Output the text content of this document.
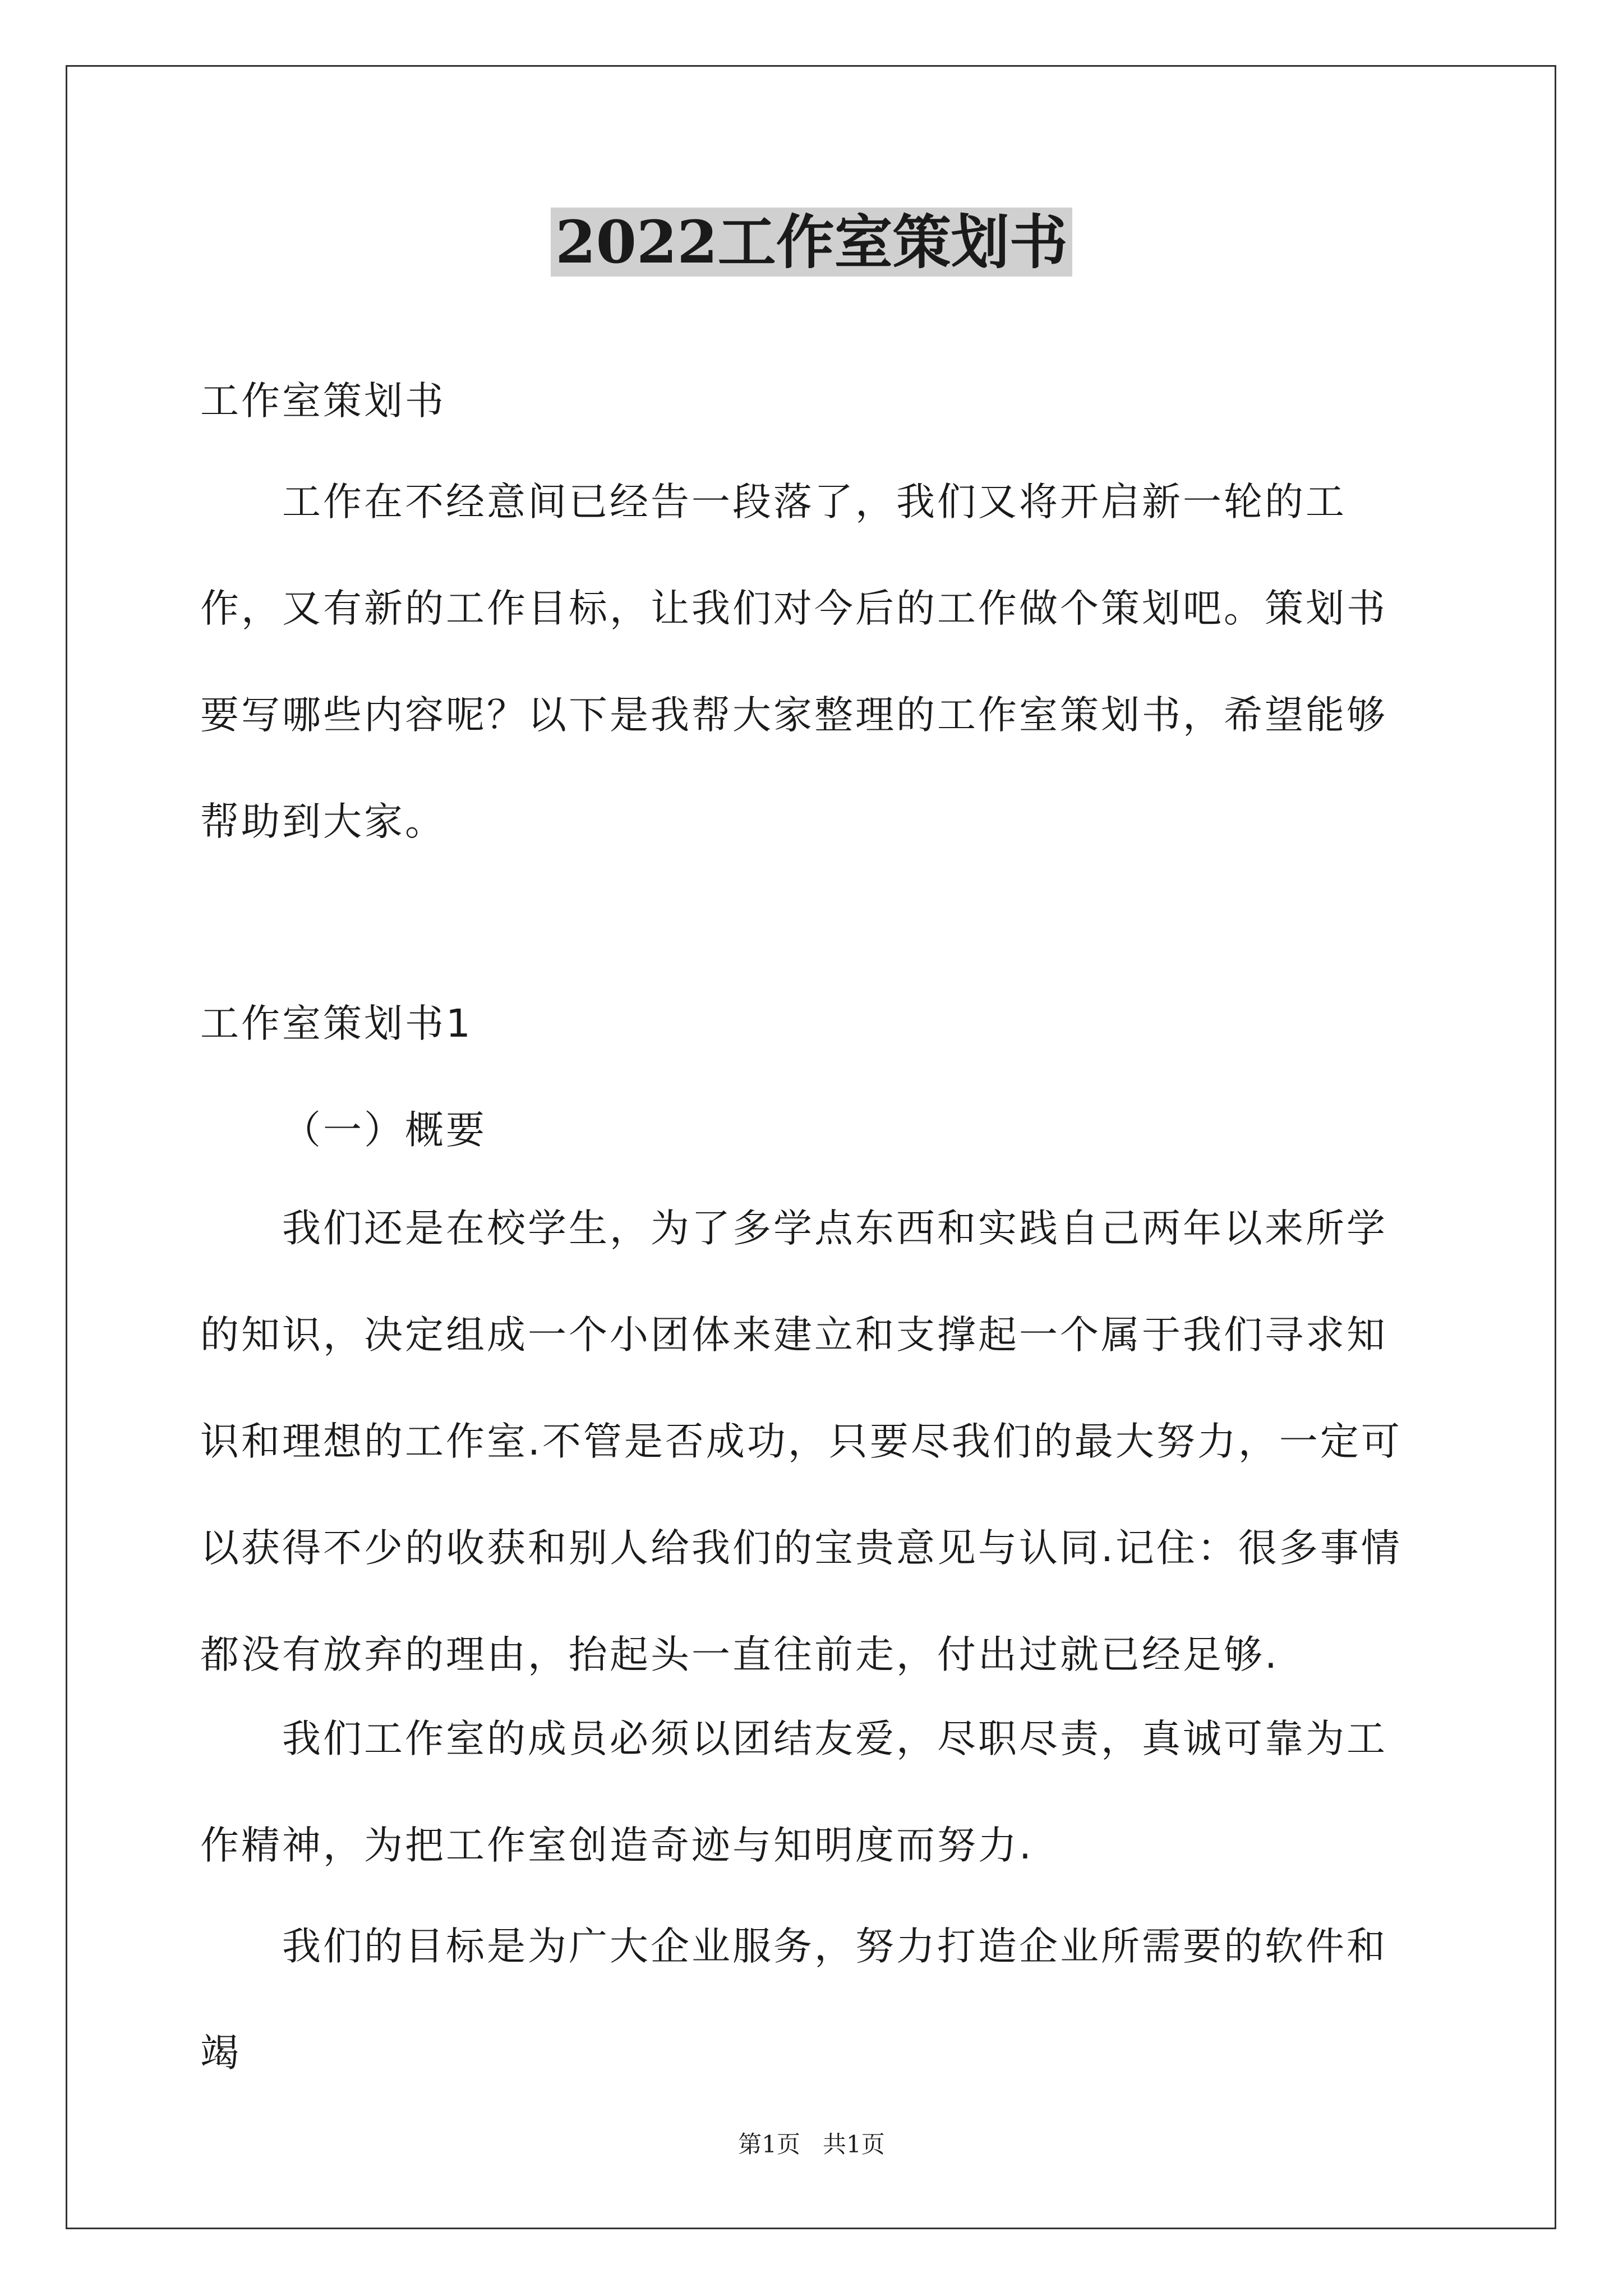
2022工作室策划书

工作室策划书

工作在不经意间已经告一段落了，我们又将开启新一轮的工作，又有新的工作目标，让我们对今后的工作做个策划吧。策划书要写哪些内容呢？以下是我帮大家整理的工作室策划书，希望能够帮助到大家。

工作室策划书1

（一）概要

我们还是在校学生，为了多学点东西和实践自己两年以来所学的知识，决定组成一个小团体来建立和支撑起一个属于我们寻求知识和理想的工作室.不管是否成功，只要尽我们的最大努力，一定可以获得不少的收获和别人给我们的宝贵意见与认同.记住：很多事情都没有放弃的理由，抬起头一直往前走，付出过就已经足够.

我们工作室的成员必须以团结友爱，尽职尽责，真诚可靠为工作精神，为把工作室创造奇迹与知明度而努力.

我们的目标是为广大企业服务，努力打造企业所需要的软件和竭

第1页   共1页
